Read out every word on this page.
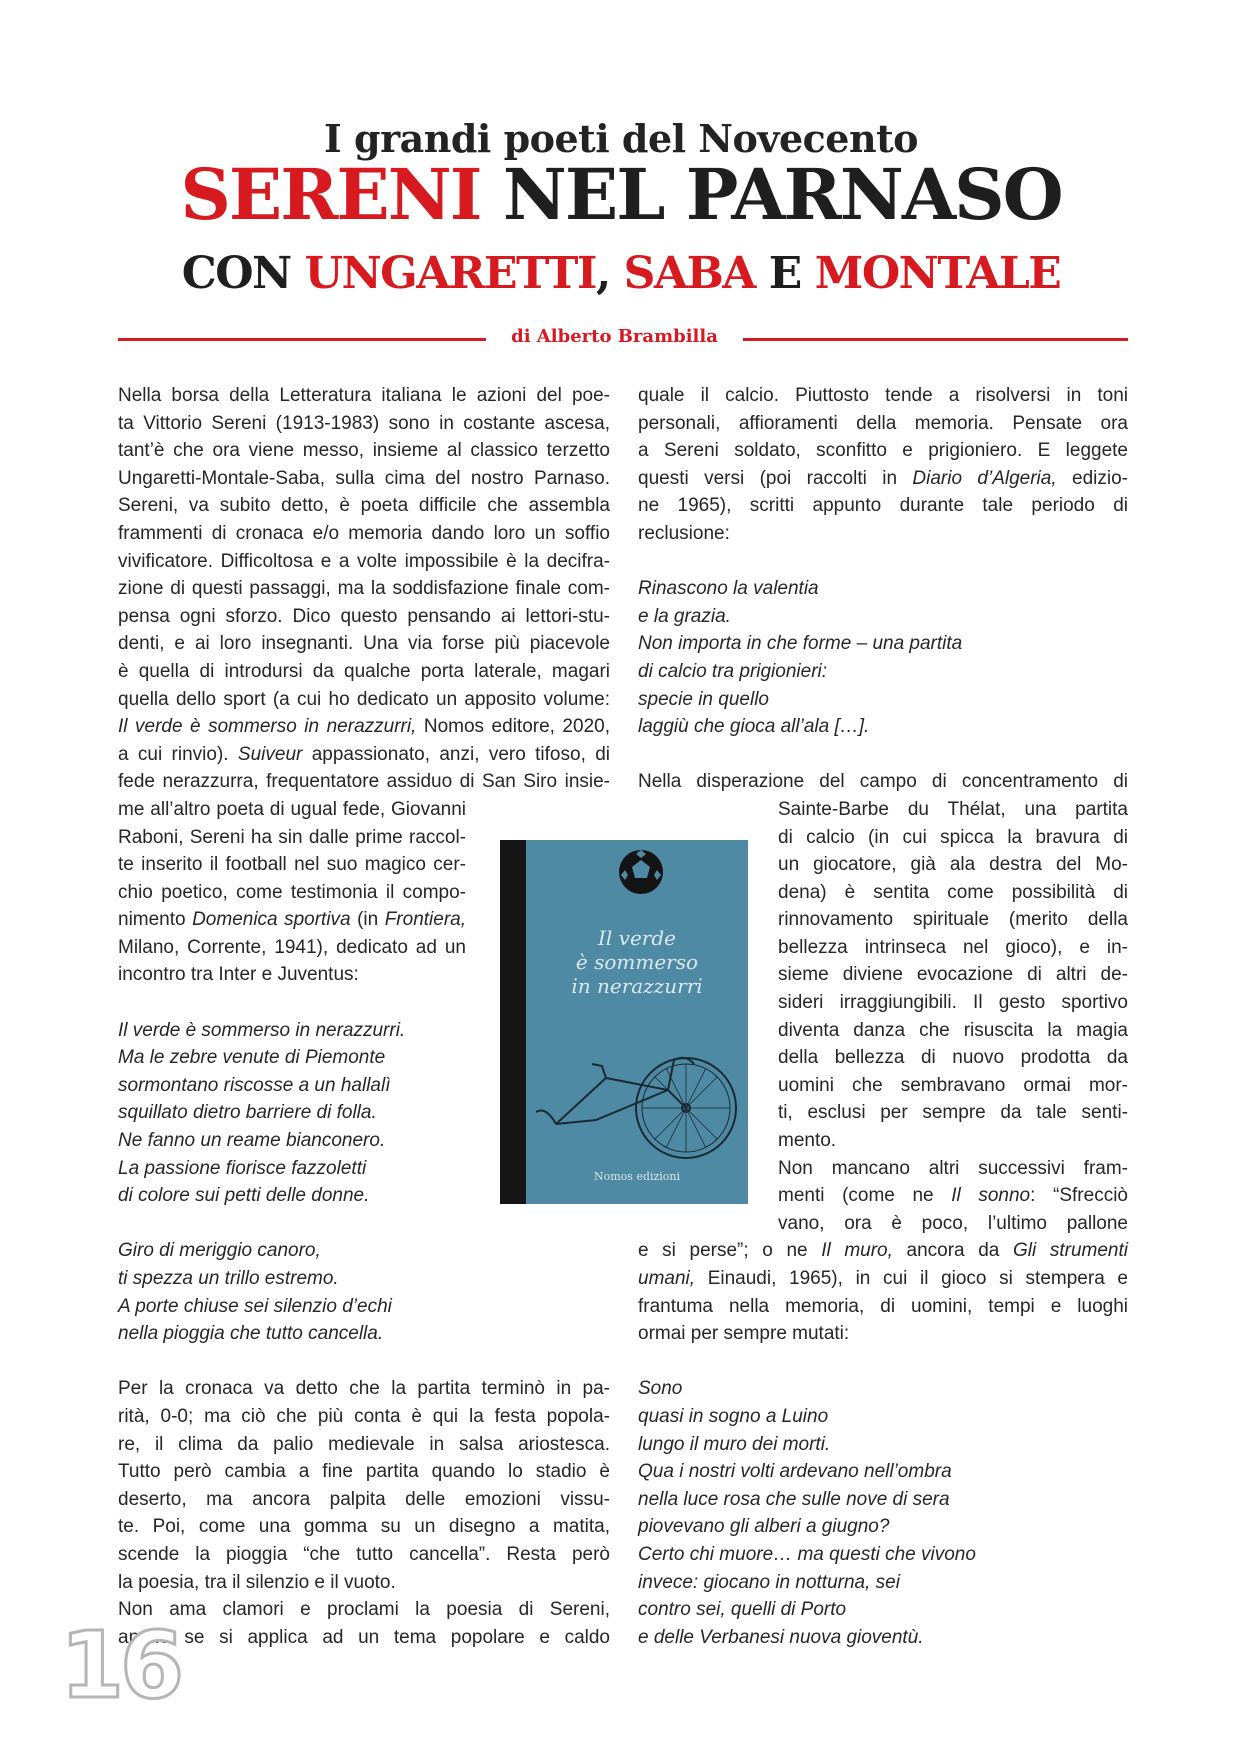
I grandi poeti del Novecento
SERENI NEL PARNASO
CON UNGARETTI, SABA E MONTALE
di Alberto Brambilla

Nella borsa della Letteratura italiana le azioni del poe-

ta Vittorio Sereni (1913-1983) sono in costante ascesa,

tant’è che ora viene messo, insieme al classico terzetto

Ungaretti-Montale-Saba, sulla cima del nostro Parnaso.

Sereni, va subito detto, è poeta difficile che assembla

frammenti di cronaca e/o memoria dando loro un soffio

vivificatore. Difficoltosa e a volte impossibile è la decifra-

zione di questi passaggi, ma la soddisfazione finale com-

pensa ogni sforzo. Dico questo pensando ai lettori-stu-

denti, e ai loro insegnanti. Una via forse più piacevole

è quella di introdursi da qualche porta laterale, magari

quella dello sport (a cui ho dedicato un apposito volume:

Il verde è sommerso in nerazzurri, Nomos editore, 2020,

a cui rinvio). Suiveur appassionato, anzi, vero tifoso, di

fede nerazzurra, frequentatore assiduo di San Siro insie-

me all’altro poeta di ugual fede, Giovanni

Raboni, Sereni ha sin dalle prime raccol-

te inserito il football nel suo magico cer-

chio poetico, come testimonia il compo-

nimento Domenica sportiva (in Frontiera,

Milano, Corrente, 1941), dedicato ad un

incontro tra Inter e Juventus:

Il verde è sommerso in nerazzurri.
Ma le zebre venute di Piemonte
sormontano riscosse a un hallalì
squillato dietro barriere di folla.
Ne fanno un reame bianconero.
La passione fiorisce fazzoletti
di colore sui petti delle donne.
Giro di meriggio canoro,
ti spezza un trillo estremo.
A porte chiuse sei silenzio d’echi
nella pioggia che tutto cancella.

Per la cronaca va detto che la partita terminò in pa-

rità, 0-0; ma ciò che più conta è qui la festa popola-

re, il clima da palio medievale in salsa ariostesca.

Tutto però cambia a fine partita quando lo stadio è

deserto, ma ancora palpita delle emozioni vissu-

te. Poi, come una gomma su un disegno a matita,

scende la pioggia “che tutto cancella”. Resta però

la poesia, tra il silenzio e il vuoto.

Non ama clamori e proclami la poesia di Sereni,

anche se si applica ad un tema popolare e caldo

Il verde
è sommerso
in nerazzurri
Nomos edizioni

quale il calcio. Piuttosto tende a risolversi in toni

personali, affioramenti della memoria. Pensate ora

a Sereni soldato, sconfitto e prigioniero. E leggete

questi versi (poi raccolti in Diario d’Algeria, edizio-

ne 1965), scritti appunto durante tale periodo di

reclusione:

Rinascono la valentia
e la grazia.
Non importa in che forme – una partita
di calcio tra prigionieri:
specie in quello
laggiù che gioca all’ala […].

Nella disperazione del campo di concentramento di

Sainte-Barbe du Thélat, una partita

di calcio (in cui spicca la bravura di

un giocatore, già ala destra del Mo-

dena) è sentita come possibilità di

rinnovamento spirituale (merito della

bellezza intrinseca nel gioco), e in-

sieme diviene evocazione di altri de-

sideri irraggiungibili. Il gesto sportivo

diventa danza che risuscita la magia

della bellezza di nuovo prodotta da

uomini che sembravano ormai mor-

ti, esclusi per sempre da tale senti-

mento.

Non mancano altri successivi fram-

menti (come ne Il sonno: “Sfrecciò

vano, ora è poco, l’ultimo pallone

e si perse”; o ne Il muro, ancora da Gli strumenti

umani, Einaudi, 1965), in cui il gioco si stempera e

frantuma nella memoria, di uomini, tempi e luoghi

ormai per sempre mutati:

Sono
quasi in sogno a Luino
lungo il muro dei morti.
Qua i nostri volti ardevano nell’ombra
nella luce rosa che sulle nove di sera
piovevano gli alberi a giugno?
Certo chi muore… ma questi che vivono
invece: giocano in notturna, sei
contro sei, quelli di Porto
e delle Verbanesi nuova gioventù.
16
